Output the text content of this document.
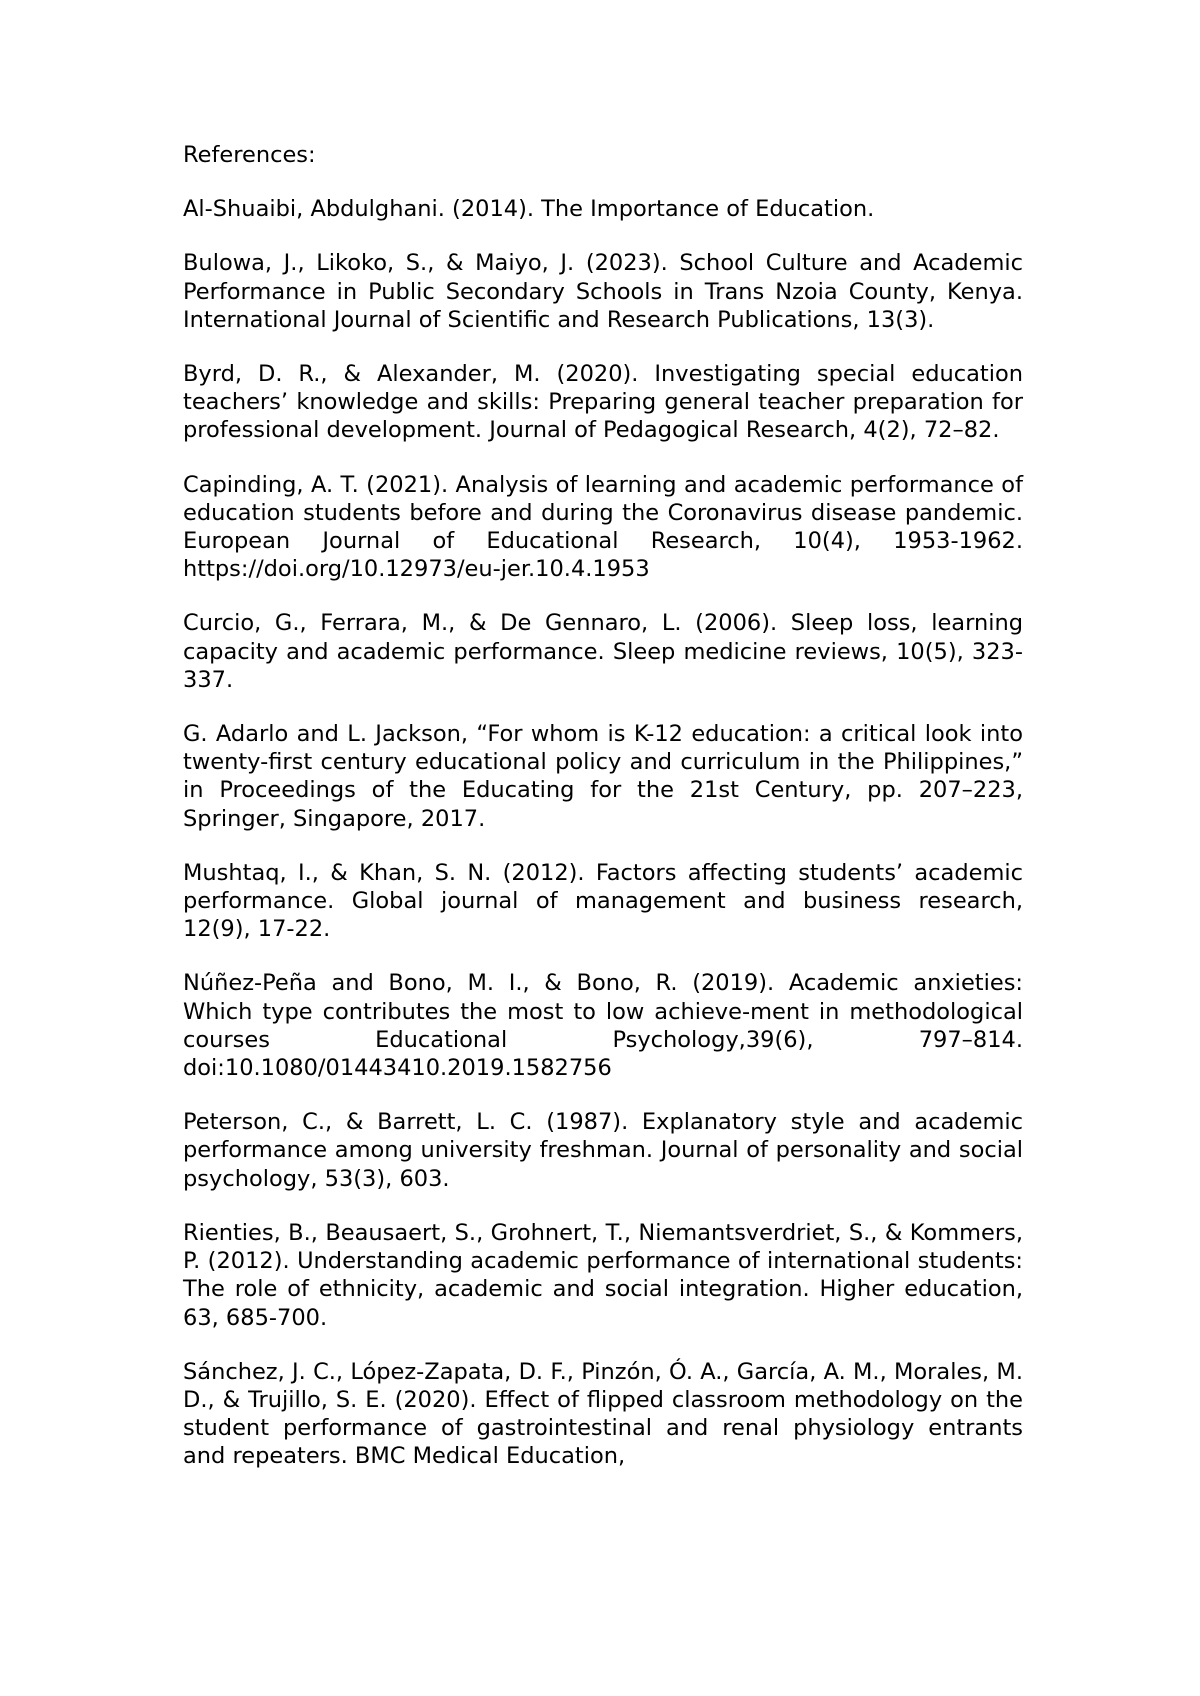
References:

Al-Shuaibi, Abdulghani. (2014). The Importance of Education.

Bulowa, J., Likoko, S., & Maiyo, J. (2023). School Culture and Academic Performance in Public Secondary Schools in Trans Nzoia County, Kenya. International Journal of Scientific and Research Publications, 13(3).

Byrd, D. R., & Alexander, M. (2020). Investigating special education teachers’ knowledge and skills: Preparing general teacher preparation for professional development. Journal of Pedagogical Research, 4(2), 72–82.

Capinding, A. T. (2021). Analysis of learning and academic performance of education students before and during the Coronavirus disease pandemic. European Journal of Educational Research, 10(4), 1953-1962. https://doi.org/10.12973/eu-jer.10.4.1953

Curcio, G., Ferrara, M., & De Gennaro, L. (2006). Sleep loss, learning capacity and academic performance. Sleep medicine reviews, 10(5), 323-337.

G. Adarlo and L. Jackson, “For whom is K-12 education: a critical look into twenty-first century educational policy and curriculum in the Philippines,” in Proceedings of the Educating for the 21st Century, pp. 207–223, Springer, Singapore, 2017.

Mushtaq, I., & Khan, S. N. (2012). Factors affecting students’ academic performance. Global journal of management and business research, 12(9), 17-22.

Núñez-Peña and Bono, M. I., & Bono, R. (2019). Academic anxieties: Which type contributes the most to low achieve-ment in methodological courses Educational Psychology,39(6), 797–814. doi:10.1080/01443410.2019.1582756

Peterson, C., & Barrett, L. C. (1987). Explanatory style and academic performance among university freshman. Journal of personality and social psychology, 53(3), 603.

Rienties, B., Beausaert, S., Grohnert, T., Niemantsverdriet, S., & Kommers, P. (2012). Understanding academic performance of international students: The role of ethnicity, academic and social integration. Higher education, 63, 685-700.

Sánchez, J. C., López-Zapata, D. F., Pinzón, Ó. A., García, A. M., Morales, M. D., & Trujillo, S. E. (2020). Effect of flipped classroom methodology on the student performance of gastrointestinal and renal physiology entrants and repeaters. BMC Medical Education,
